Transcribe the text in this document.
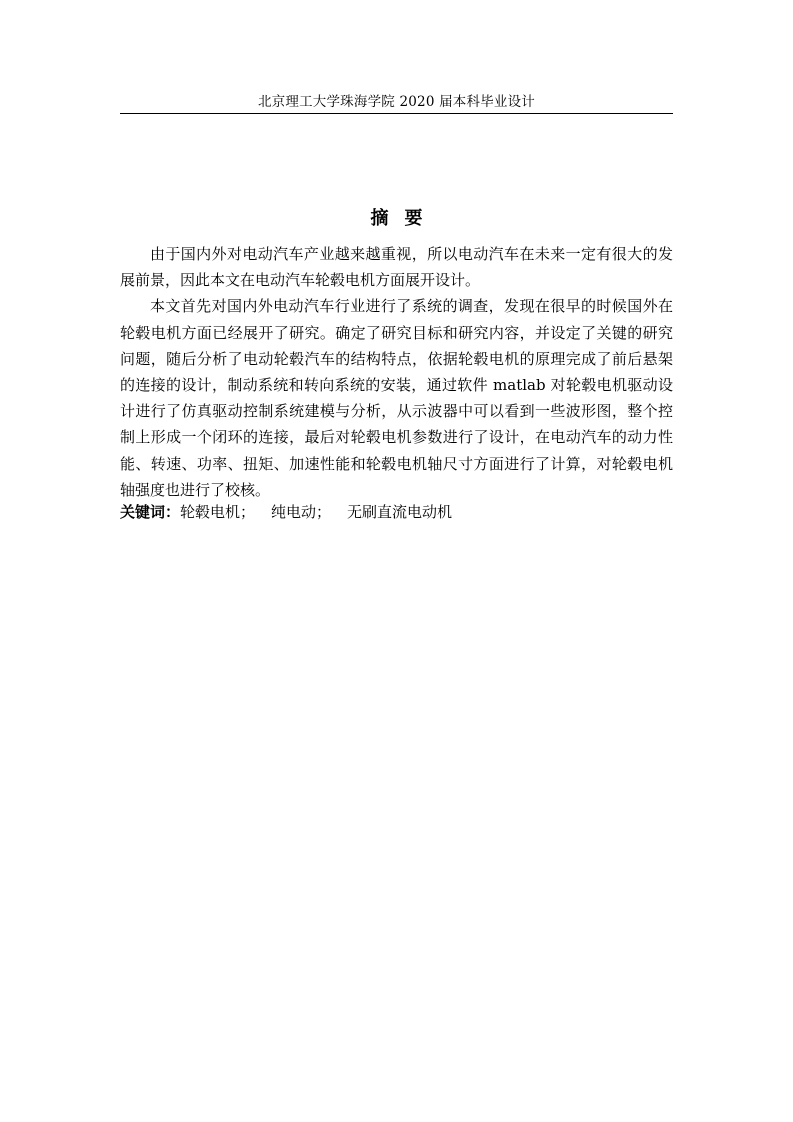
北京理工大学珠海学院 2020 届本科毕业设计
摘要

由于国内外对电动汽车产业越来越重视，所以电动汽车在未来一定有很大的发展前景，因此本文在电动汽车轮毂电机方面展开设计。

本文首先对国内外电动汽车行业进行了系统的调查，发现在很早的时候国外在轮毂电机方面已经展开了研究。确定了研究目标和研究内容，并设定了关键的研究问题，随后分析了电动轮毂汽车的结构特点，依据轮毂电机的原理完成了前后悬架的连接的设计，制动系统和转向系统的安装，通过软件 matlab 对轮毂电机驱动设计进行了仿真驱动控制系统建模与分析，从示波器中可以看到一些波形图，整个控制上形成一个闭环的连接，最后对轮毂电机参数进行了设计，在电动汽车的动力性能、转速、功率、扭矩、加速性能和轮毂电机轴尺寸方面进行了计算，对轮毂电机轴强度也进行了校核。

关键词：轮毂电机； 纯电动； 无刷直流电动机
